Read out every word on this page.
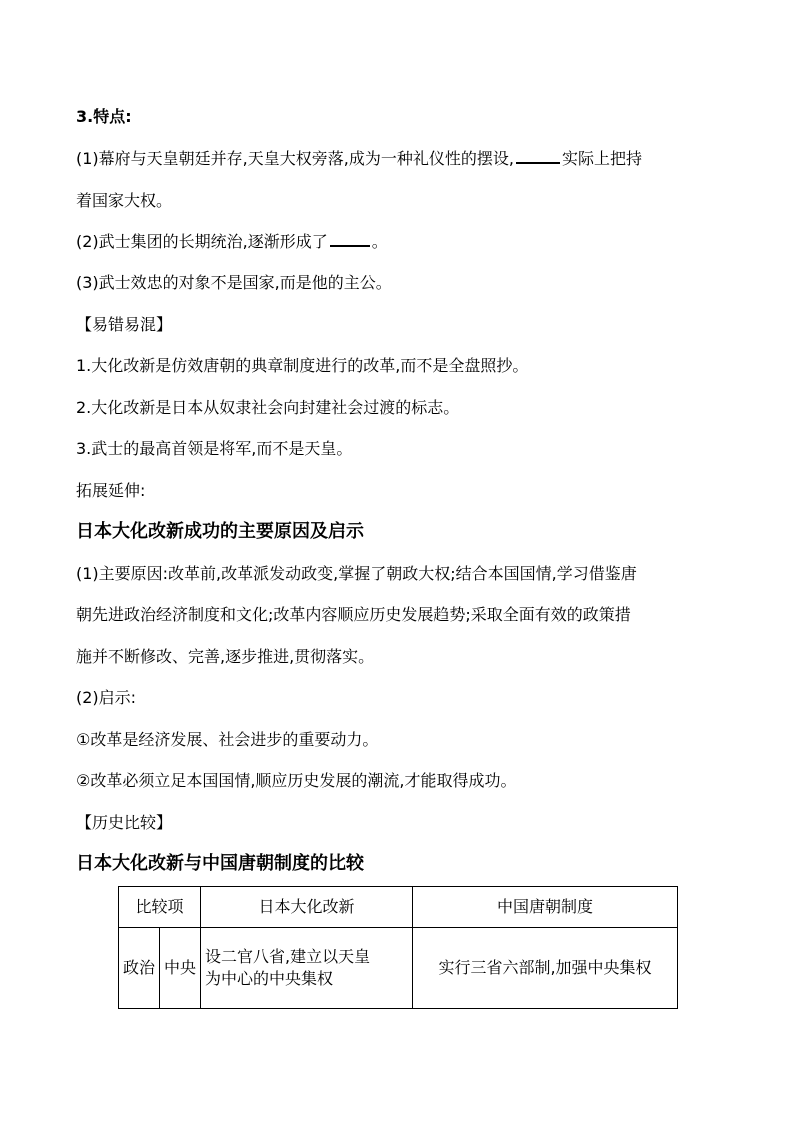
3.特点:
(1)幕府与天皇朝廷并存,天皇大权旁落,成为一种礼仪性的摆设,	实际上把持
着国家大权。
(2)武士集团的长期统治,逐渐形成了	。
(3)武士效忠的对象不是国家,而是他的主公。
【易错易混】
1.大化改新是仿效唐朝的典章制度进行的改革,而不是全盘照抄。
2.大化改新是日本从奴隶社会向封建社会过渡的标志。
3.武士的最高首领是将军,而不是天皇。
拓展延伸:
日本大化改新成功的主要原因及启示
(1)主要原因:改革前,改革派发动政变,掌握了朝政大权;结合本国国情,学习借鉴唐
朝先进政治经济制度和文化;改革内容顺应历史发展趋势;采取全面有效的政策措
施并不断修改、完善,逐步推进,贯彻落实。
(2)启示:
①改革是经济发展、社会进步的重要动力。
②改革必须立足本国国情,顺应历史发展的潮流,才能取得成功。
【历史比较】
日本大化改新与中国唐朝制度的比较
比较项		日本大化改新	中国唐朝制度
政治	中央	设二官八省,建立以天皇
为中心的中央集权	实行三省六部制,加强中央集权
